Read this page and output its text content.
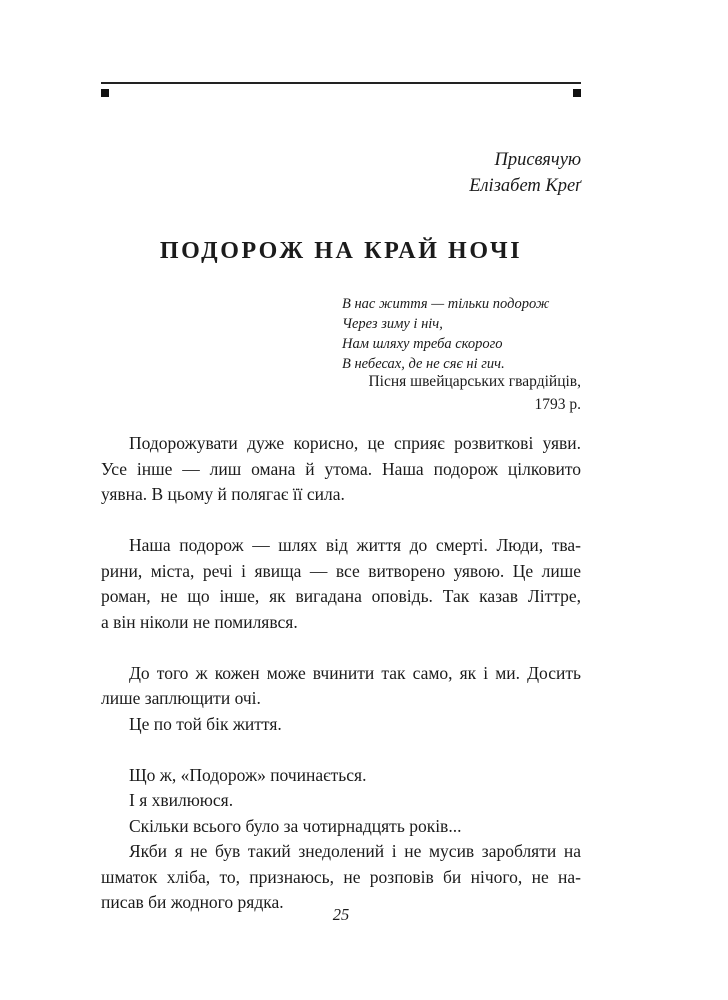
Присвячую
Елізабет Креґ
ПОДОРОЖ НА КРАЙ НОЧІ
В нас життя — тільки подорож
Через зиму і ніч,
Нам шляху треба скорого
В небесах, де не сяє ні гич.
Пісня швейцарських гвардійців,
1793 р.
Подорожувати дуже корисно, це сприяє розвиткові уяви.
Усе інше — лиш омана й утома. Наша подорож цілковито
уявна. В цьому й полягає її сила.
Наша подорож — шлях від життя до смерті. Люди, тва-
рини, міста, речі і явища — все витворено уявою. Це лише
роман, не що інше, як вигадана оповідь. Так казав Літтре,
а він ніколи не помилявся.
До того ж кожен може вчинити так само, як і ми. Досить
лише заплющити очі.
Це по той бік життя.
Що ж, «Подорож» починається.
І я хвилююся.
Скільки всього було за чотирнадцять років...
Якби я не був такий знедолений і не мусив заробляти на
шматок хліба, то, признаюсь, не розповів би нічого, не на-
писав би жодного рядка.
25
